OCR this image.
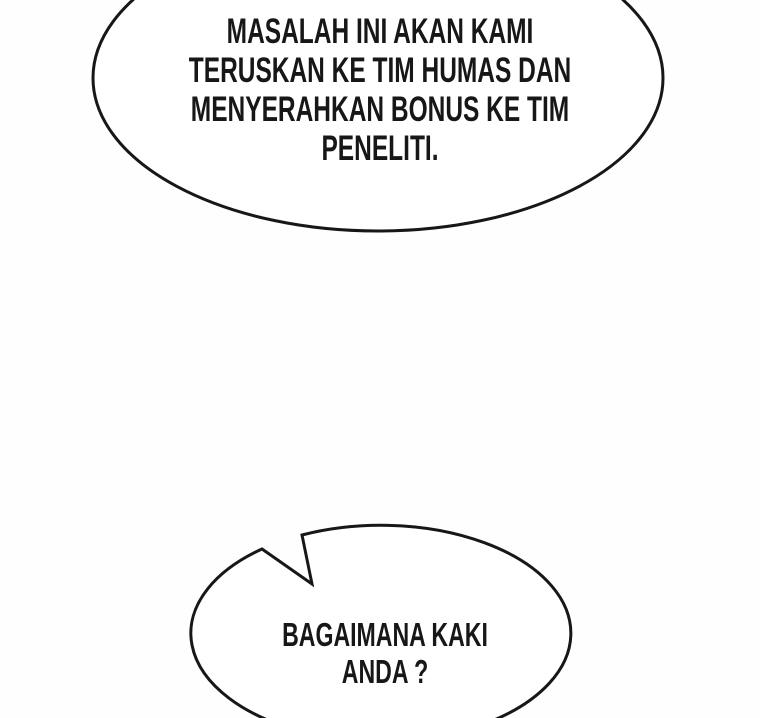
MASALAH INI AKAN KAMI
TERUSKAN KE TIM HUMAS DAN
MENYERAHKAN BONUS KE TIM
PENELITI.
BAGAIMANA KAKI
ANDA ?
